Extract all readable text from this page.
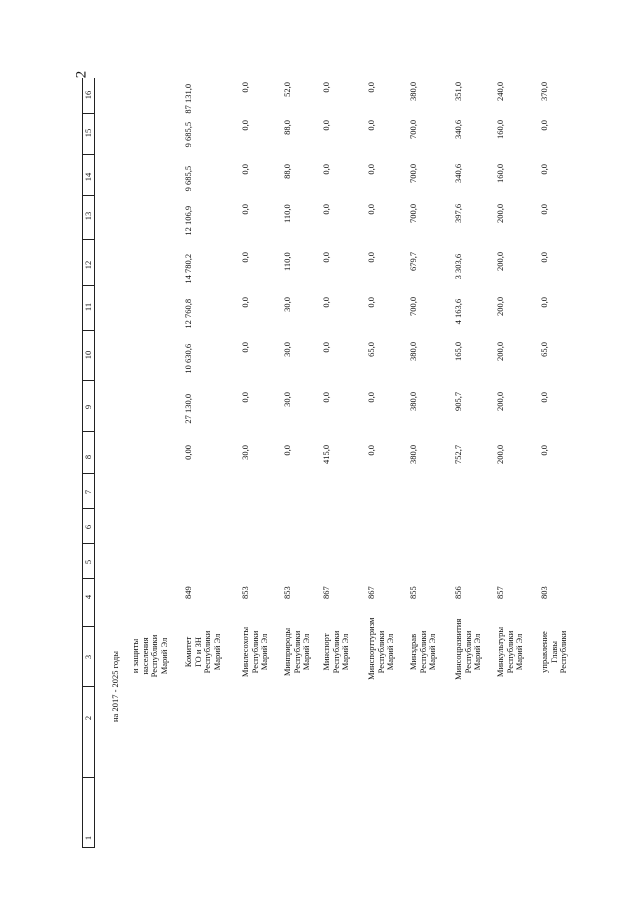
2
1
2
3
4
5
6
7
8
9
10
11
12
13
14
15
16
на 2017 - 2025 годы и защиты населения Республики Марий Эл Комитет ГО и ЗН Республики Марий Эл
849
0,00
27 130,0
10 630,6
12 760,8
14 780,2
12 106,9
9 685,5
9 685,5
87 131,0
Минлесохоты Республики Марий Эл
853
30,0
0,0
0,0
0,0
0,0
0,0
0,0
0,0
0,0
Минприроды Республики Марий Эл
853
0,0
30,0
30,0
30,0
110,0
110,0
88,0
88,0
52,0
Минспорт Республики Марий Эл
867
415,0
0,0
0,0
0,0
0,0
0,0
0,0
0,0
0,0
Минспорттуризм Республики Марий Эл
867
0,0
0,0
65,0
0,0
0,0
0,0
0,0
0,0
0,0
Минздрав Республики Марий Эл
855
380,0
380,0
380,0
700,0
679,7
700,0
700,0
700,0
380,0
Минсоцразвития Республики Марий Эл
856
752,7
905,7
165,0
4 163,6
3 303,6
397,6
340,6
340,6
351,0
Минкультуры Республики Марий Эл
857
200,0
200,0
200,0
200,0
200,0
200,0
160,0
160,0
240,0
управление Главы Республики
803
0,0
0,0
65,0
0,0
0,0
0,0
0,0
0,0
370,0
